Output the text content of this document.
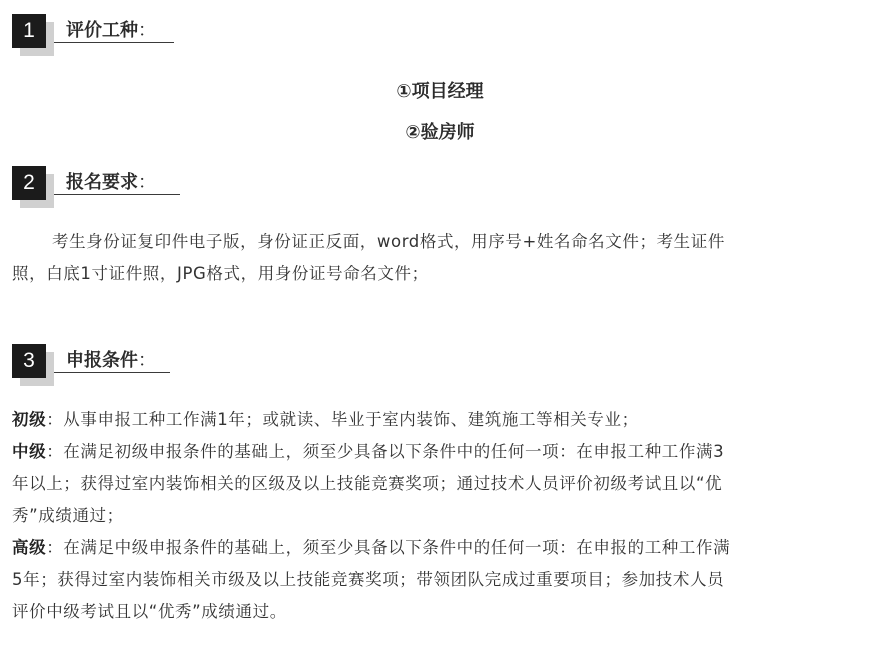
1	评价工种：
①项目经理
②验房师
2	报名要求：
考生身份证复印件电子版，身份证正反面，word格式，用序号+姓名命名文件；考生证件
照，白底1寸证件照，JPG格式，用身份证号命名文件；
3	申报条件：
初级：从事申报工种工作满1年；或就读、毕业于室内装饰、建筑施工等相关专业；
中级：在满足初级申报条件的基础上，须至少具备以下条件中的任何一项：在申报工种工作满3
年以上；获得过室内装饰相关的区级及以上技能竞赛奖项；通过技术人员评价初级考试且以“优
秀”成绩通过；
高级：在满足中级申报条件的基础上，须至少具备以下条件中的任何一项：在申报的工种工作满
5年；获得过室内装饰相关市级及以上技能竞赛奖项；带领团队完成过重要项目；参加技术人员
评价中级考试且以“优秀”成绩通过。
